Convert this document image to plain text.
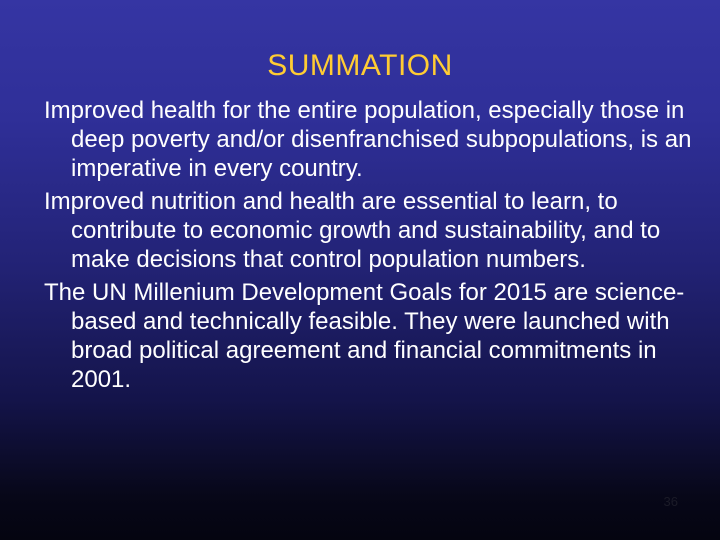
SUMMATION

Improved health for the entire population, especially those in deep poverty and/or disenfranchised subpopulations, is an imperative in every country.

Improved nutrition and health are essential to learn, to contribute to economic growth and sustainability, and to make decisions that control population numbers.

The UN Millenium Development Goals for 2015 are science-based and technically feasible. They were launched with broad political agreement and financial commitments in 2001.

36
